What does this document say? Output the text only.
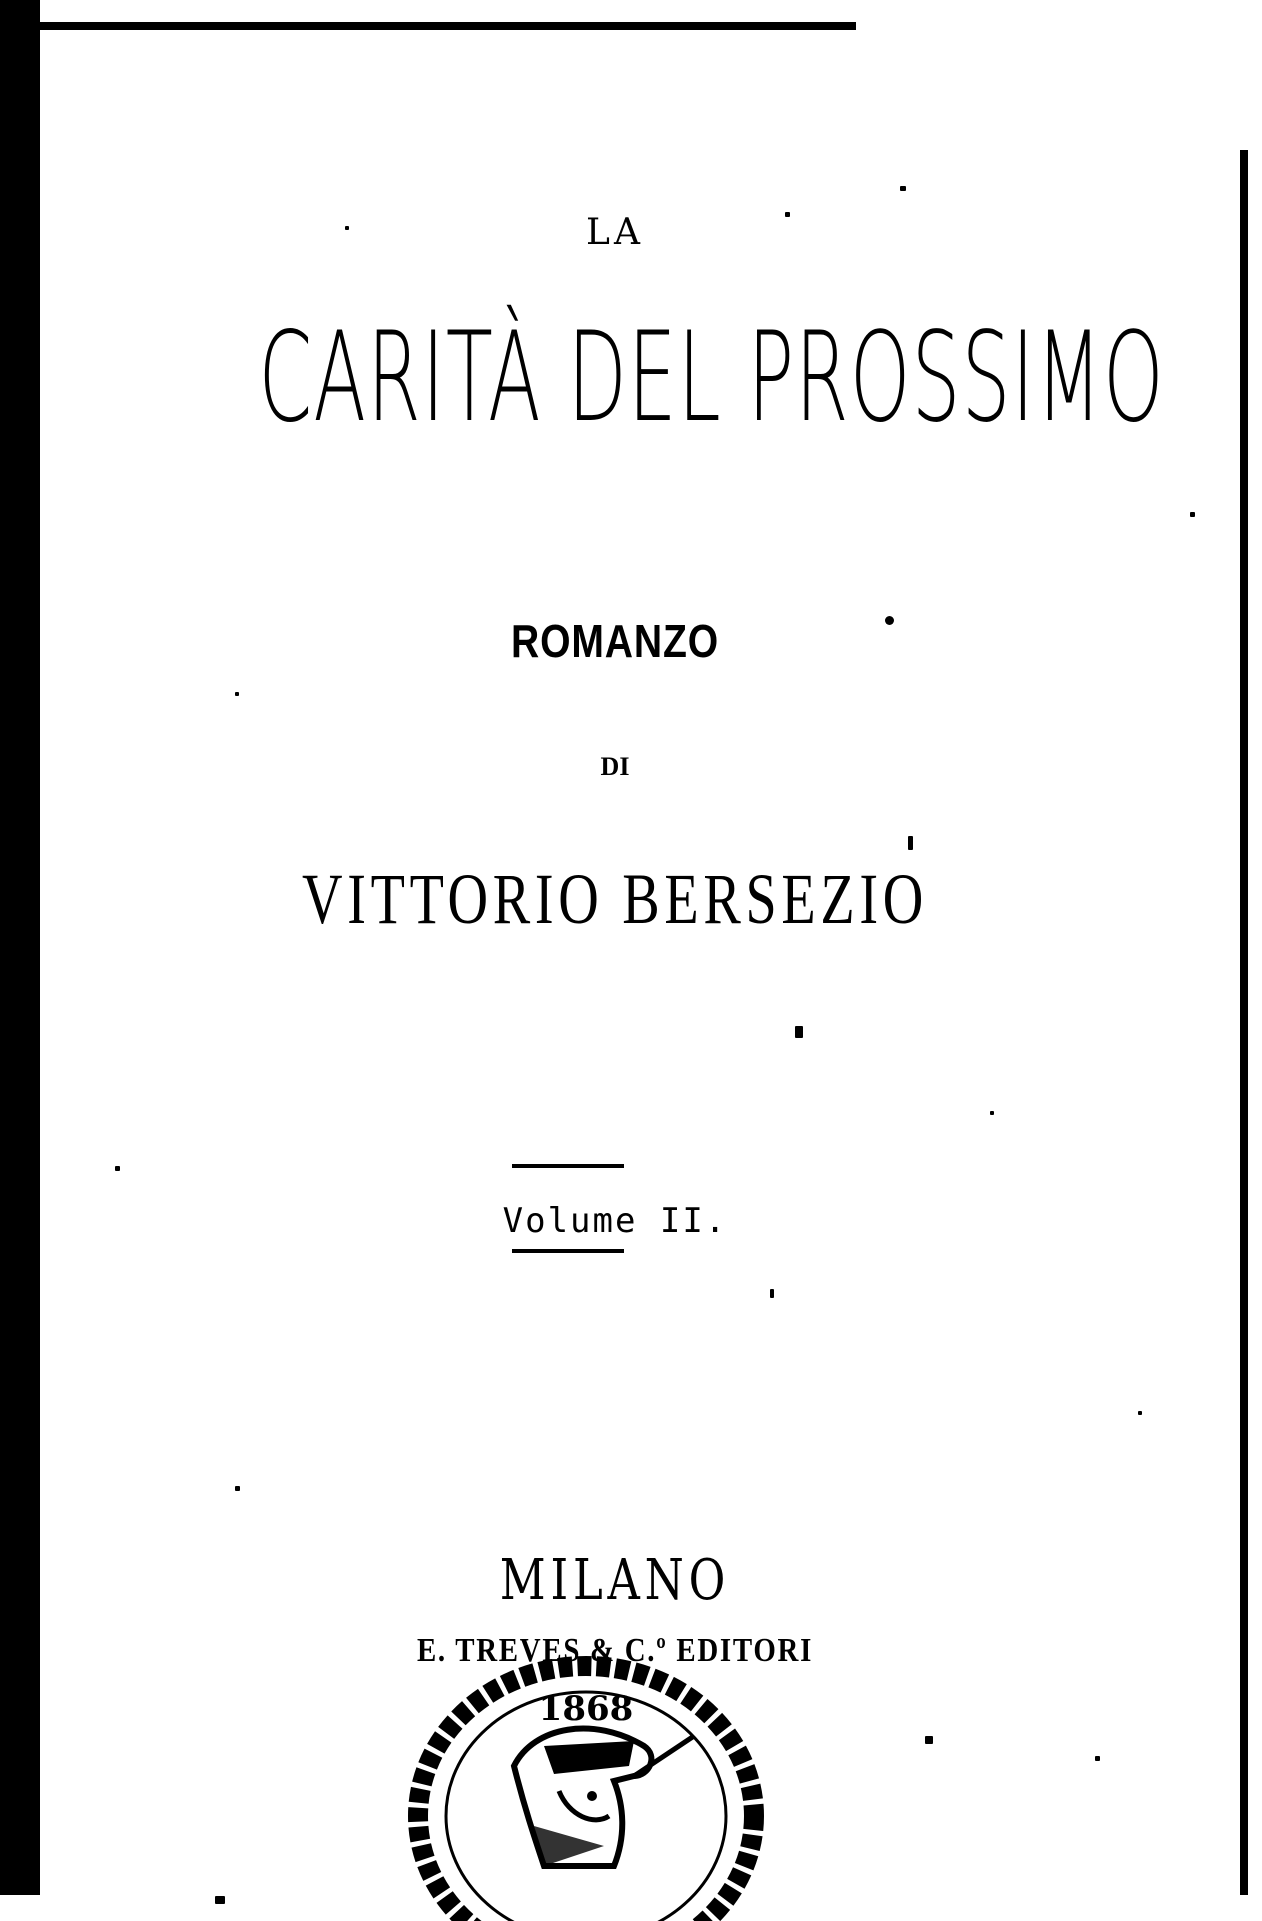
LA
CARITÀ DEL PROSSIMO
ROMANZO
DI
VITTORIO BERSEZIO
Volume II.
MILANO
E. TREVES & C.º EDITORI
1868
